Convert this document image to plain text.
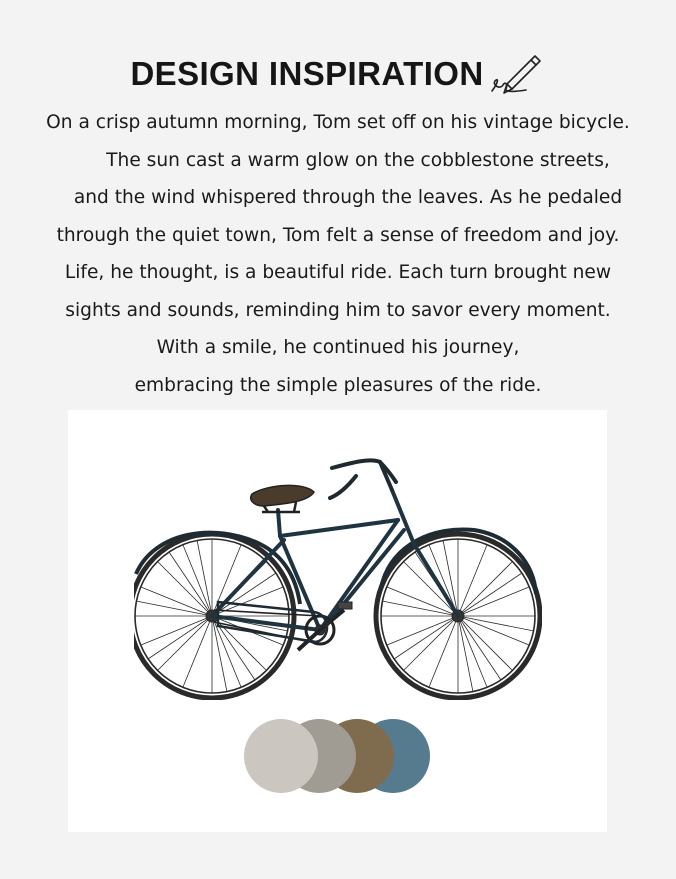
DESIGN INSPIRATION
On a crisp autumn morning, Tom set off on his vintage bicycle.
The sun cast a warm glow on the cobblestone streets,
and the wind whispered through the leaves. As he pedaled
through the quiet town, Tom felt a sense of freedom and joy.
Life, he thought, is a beautiful ride. Each turn brought new
sights and sounds, reminding him to savor every moment.
With a smile, he continued his journey,
embracing the simple pleasures of the ride.
